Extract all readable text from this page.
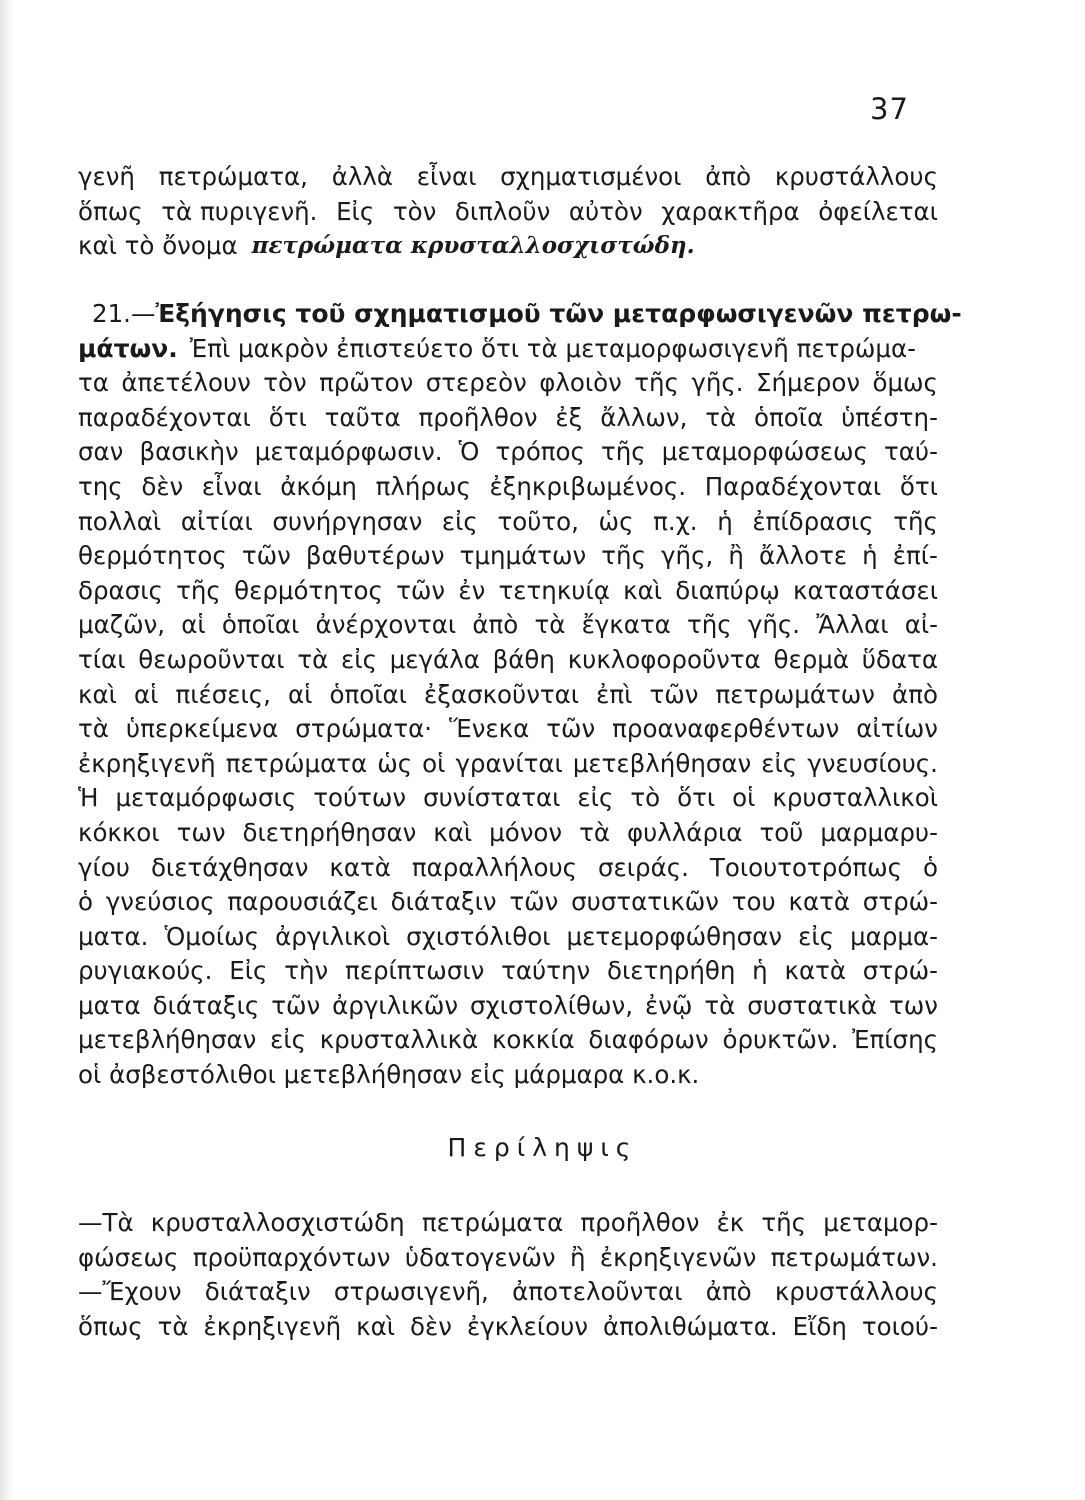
37
γενῆ πετρώματα, ἀλλὰ εἶναι σχηματισμένοι ἀπὸ κρυστάλλους
ὅπως τὰ πυριγενῆ. Εἰς τὸν διπλοῦν αὐτὸν χαρακτῆρα ὀφείλεται
καὶ τὸ ὄνομα πετρώματα κρυσταλλοσχιστώδη.
21.— Ἐξήγησις τοῦ σχηματισμοῦ τῶν μεταρφωσιγενῶν πετρω-
μάτων. Ἐπὶ μακρὸν ἐπιστεύετο ὅτι τὰ μεταμορφωσιγενῆ πετρώμα-
τα ἀπετέλουν τὸν πρῶτον στερεὸν φλοιὸν τῆς γῆς. Σήμερον ὅμως
παραδέχονται ὅτι ταῦτα προῆλθον ἐξ ἄλλων, τὰ ὁποῖα ὑπέστη-
σαν βασικὴν μεταμόρφωσιν. Ὁ τρόπος τῆς μεταμορφώσεως ταύ-
της δὲν εἶναι ἀκόμη πλήρως ἐξηκριβωμένος. Παραδέχονται ὅτι
πολλαὶ αἰτίαι συνήργησαν εἰς τοῦτο, ὡς π.χ. ἡ ἐπίδρασις τῆς
θερμότητος τῶν βαθυτέρων τμημάτων τῆς γῆς, ἢ ἄλλοτε ἡ ἐπί-
δρασις τῆς θερμότητος τῶν ἐν τετηκυίᾳ καὶ διαπύρῳ καταστάσει
μαζῶν, αἱ ὁποῖαι ἀνέρχονται ἀπὸ τὰ ἔγκατα τῆς γῆς. Ἄλλαι αἰ-
τίαι θεωροῦνται τὰ εἰς μεγάλα βάθη κυκλοφοροῦντα θερμὰ ὕδατα
καὶ αἱ πιέσεις, αἱ ὁποῖαι ἐξασκοῦνται ἐπὶ τῶν πετρωμάτων ἀπὸ
τὰ ὑπερκείμενα στρώματα· Ἕνεκα τῶν προαναφερθέντων αἰτίων
ἐκρηξιγενῆ πετρώματα ὡς οἱ γρανίται μετεβλήθησαν εἰς γνευσίους.
Ἡ μεταμόρφωσις τούτων συνίσταται εἰς τὸ ὅτι οἱ κρυσταλλικοὶ
κόκκοι των διετηρήθησαν καὶ μόνον τὰ φυλλάρια τοῦ μαρμαρυ-
γίου διετάχθησαν κατὰ παραλλήλους σειράς. Τοιουτοτρόπως ὁ
ὁ γνεύσιος παρουσιάζει διάταξιν τῶν συστατικῶν του κατὰ στρώ-
ματα. Ὁμοίως ἀργιλικοὶ σχιστόλιθοι μετεμορφώθησαν εἰς μαρμα-
ρυγιακούς. Εἰς τὴν περίπτωσιν ταύτην διετηρήθη ἡ κατὰ στρώ-
ματα διάταξις τῶν ἀργιλικῶν σχιστολίθων, ἐνῷ τὰ συστατικὰ των
μετεβλήθησαν εἰς κρυσταλλικὰ κοκκία διαφόρων ὀρυκτῶν. Ἐπίσης
οἱ ἀσβεστόλιθοι μετεβλήθησαν εἰς μάρμαρα κ.ο.κ.
Περίληψις
—Τὰ κρυσταλλοσχιστώδη πετρώματα προῆλθον ἐκ τῆς μεταμορ-
φώσεως προϋπαρχόντων ὑδατογενῶν ἢ ἐκρηξιγενῶν πετρωμάτων.
—Ἔχουν διάταξιν στρωσιγενῆ, ἀποτελοῦνται ἀπὸ κρυστάλλους
ὅπως τὰ ἐκρηξιγενῆ καὶ δὲν ἐγκλείουν ἀπολιθώματα. Εἴδη τοιού-
